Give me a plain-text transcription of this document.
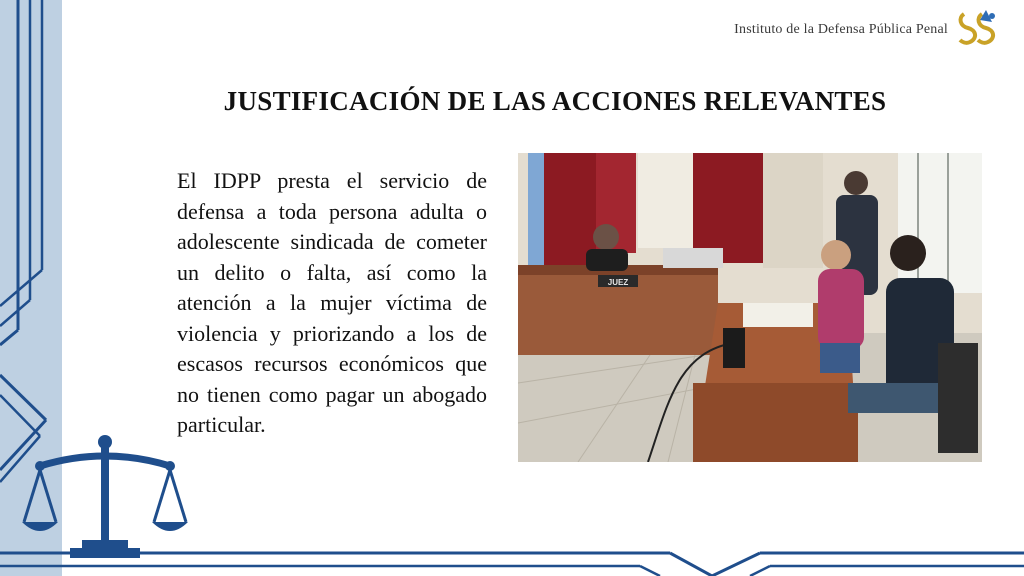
Instituto de la Defensa Pública Penal
JUSTIFICACIÓN DE LAS ACCIONES RELEVANTES
El IDPP presta el servicio de defensa a toda persona adulta o adolescente sindicada de cometer un delito o falta, así como la atención a la mujer víctima de violencia y priorizando a los de escasos recursos económicos que no tienen como pagar un abogado particular.
JUEZ
